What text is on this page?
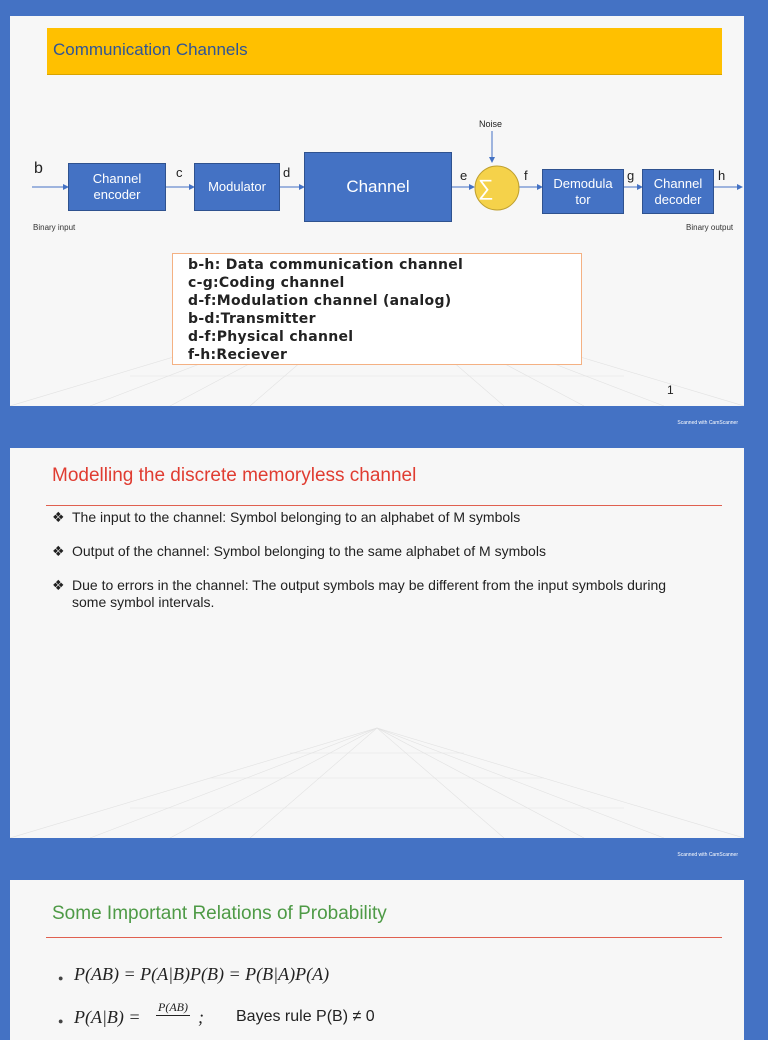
Communication Channels
Noise
∑
b	c	d	e	f	g	h
Channel encoder
Modulator	Channel	Demodula tor
Channel decoder
Binary input	Binary output
b-h: Data communication channel
c-g:Coding channel
d-f:Modulation channel (analog)
b-d:Transmitter
d-f:Physical channel
f-h:Reciever
1
Scanned with CamScanner
Modelling the discrete memoryless channel
❖ The input to the channel: Symbol belonging to an alphabet of M symbols
❖ Output of the channel: Symbol belonging to the same alphabet of M symbols
❖ Due to errors in the channel: The output symbols may be different from the input symbols during some symbol intervals.
Scanned with CamScanner
Some Important Relations of Probability
● P(AB) = P(A|B)P(B) = P(B|A)P(A)
● P(A|B) = P(AB) ; Bayes rule P(B) ≠ 0
